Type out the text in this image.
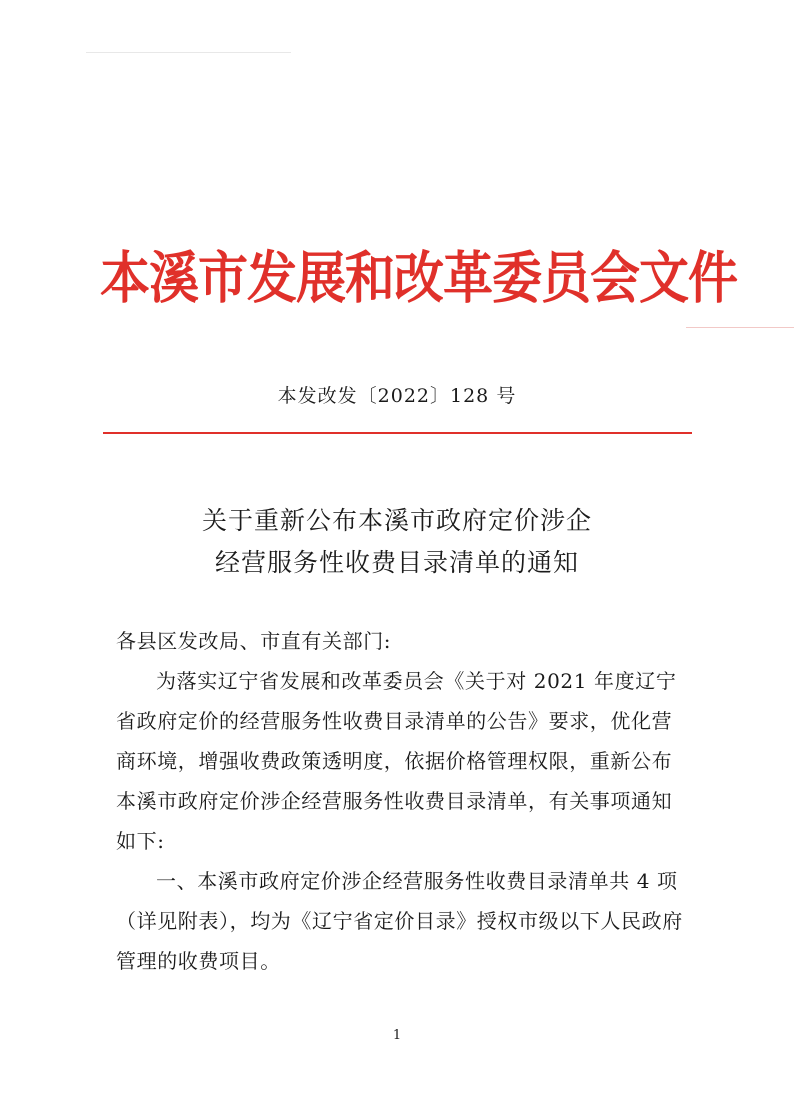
本溪市发展和改革委员会文件
本发改发〔2022〕128 号
关于重新公布本溪市政府定价涉企
经营服务性收费目录清单的通知

各县区发改局、市直有关部门:

为落实辽宁省发展和改革委员会《关于对 2021 年度辽宁省政府定价的经营服务性收费目录清单的公告》要求，优化营商环境，增强收费政策透明度，依据价格管理权限，重新公布本溪市政府定价涉企经营服务性收费目录清单，有关事项通知如下:

一、本溪市政府定价涉企经营服务性收费目录清单共 4 项（详见附表），均为《辽宁省定价目录》授权市级以下人民政府管理的收费项目。

1
